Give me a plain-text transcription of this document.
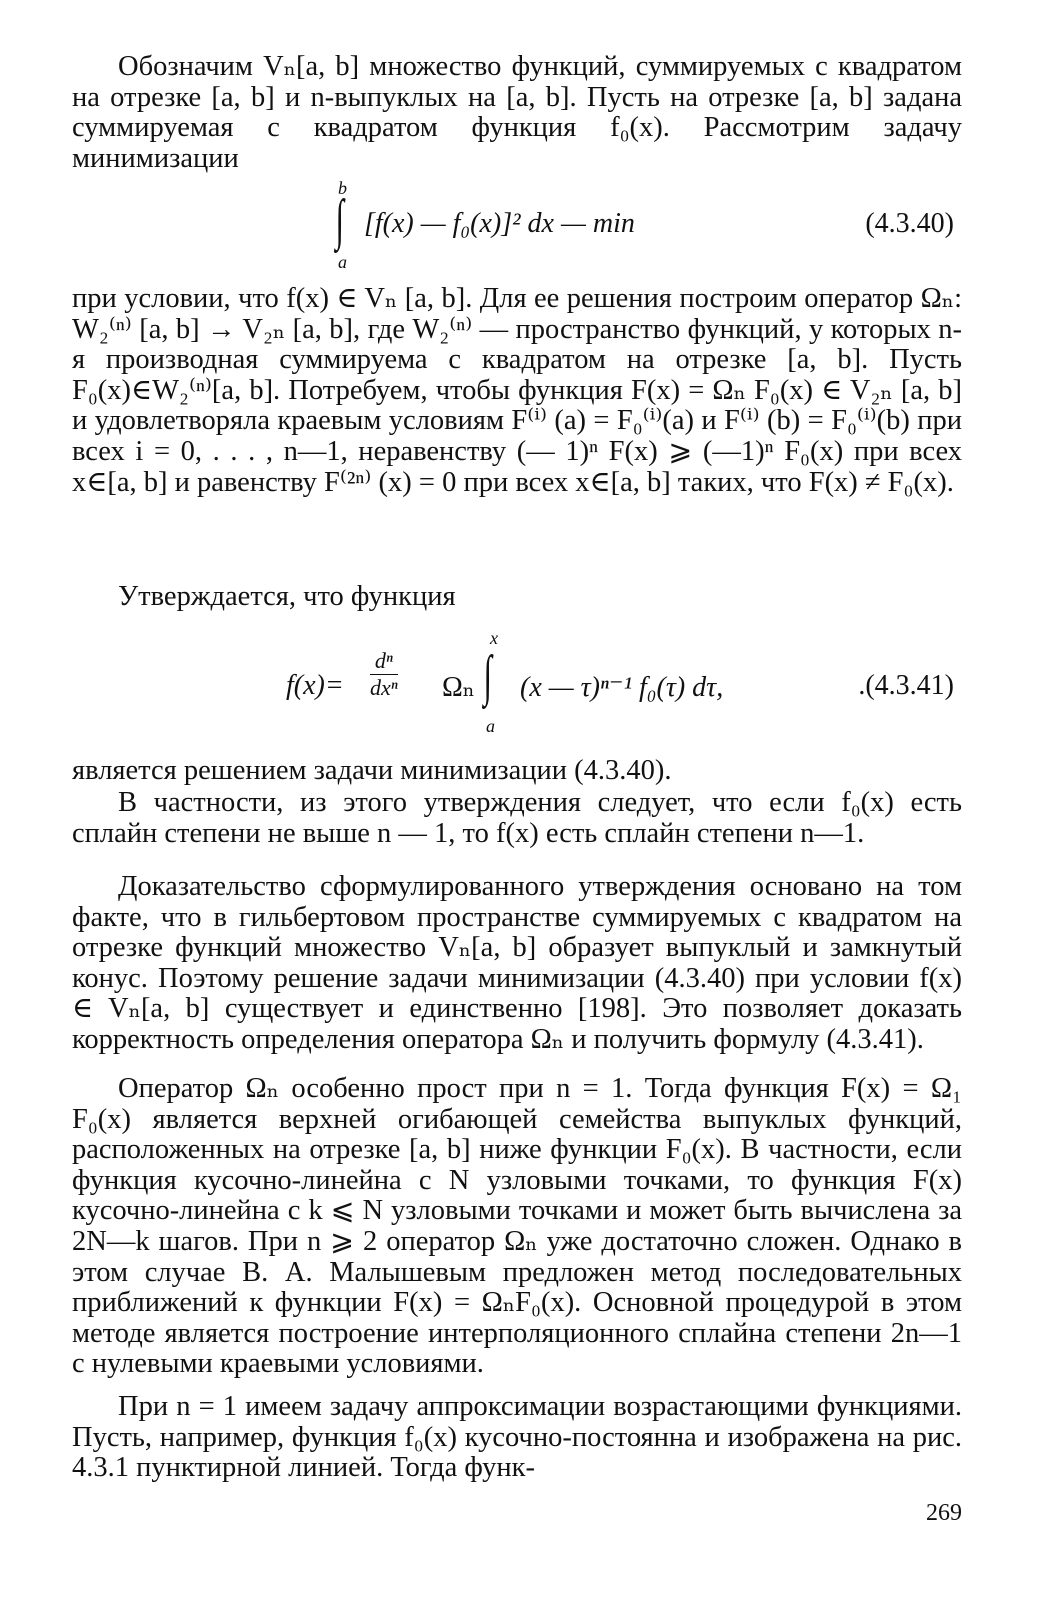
Обозначим Vₙ[a, b] множество функций, суммируемых с квадратом на отрезке [a, b] и n-выпуклых на [a, b]. Пусть на отрезке [a, b] задана суммируемая с квадратом функция f₀(x). Рассмотрим задачу минимизации

b
∫
a
[f(x) — f₀(x)]² dx — min	(4.3.40)

при условии, что f(x) ∈ Vₙ [a, b]. Для ее решения построим оператор Ωₙ: W₂⁽ⁿ⁾ [a, b] → V₂ₙ [a, b], где W₂⁽ⁿ⁾ — пространство функций, у которых n-я производная суммируема с квадратом на отрезке [a, b]. Пусть F₀(x)∈W₂⁽ⁿ⁾[a, b]. Потребуем, чтобы функция F(x) = Ωₙ F₀(x) ∈ V₂ₙ [a, b] и удовлетворяла краевым условиям F⁽ⁱ⁾ (a) = F₀⁽ⁱ⁾(a) и F⁽ⁱ⁾ (b) = F₀⁽ⁱ⁾(b) при всех i = 0, . . . , n—1, неравенству (— 1)ⁿ F(x) ⩾ (—1)ⁿ F₀(x) при всех x∈[a, b] и равенству F⁽²ⁿ⁾ (x) = 0 при всех x∈[a, b] таких, что F(x) ≠ F₀(x).

Утверждается, что функция

f(x)=
dⁿ
dxⁿ Ωₙ
x
∫
a
(x — τ)ⁿ⁻¹ f₀(τ) dτ,	.(4.3.41)

является решением задачи минимизации (4.3.40).

В частности, из этого утверждения следует, что если f₀(x) есть сплайн степени не выше n — 1, то f(x) есть сплайн степени n—1.

Доказательство сформулированного утверждения основано на том факте, что в гильбертовом пространстве суммируемых с квадратом на отрезке функций множество Vₙ[a, b] образует выпуклый и замкнутый конус. Поэтому решение задачи минимизации (4.3.40) при условии f(x) ∈ Vₙ[a, b] существует и единственно [198]. Это позволяет доказать корректность определения оператора Ωₙ и получить формулу (4.3.41).

Оператор Ωₙ особенно прост при n = 1. Тогда функция F(x) = Ω₁ F₀(x) является верхней огибающей семейства выпуклых функций, расположенных на отрезке [a, b] ниже функции F₀(x). В частности, если функция кусочно-линейна с N узловыми точками, то функция F(x) кусочно-линейна с k ⩽ N узловыми точками и может быть вычислена за 2N—k шагов. При n ⩾ 2 оператор Ωₙ уже достаточно сложен. Однако в этом случае В. А. Малышевым предложен метод последовательных приближений к функции F(x) = ΩₙF₀(x). Основной процедурой в этом методе является построение интерполяционного сплайна степени 2n—1 с нулевыми краевыми условиями.

При n = 1 имеем задачу аппроксимации возрастающими функциями. Пусть, например, функция f₀(x) кусочно-постоянна и изображена на рис. 4.3.1 пунктирной линией. Тогда функ-

269
